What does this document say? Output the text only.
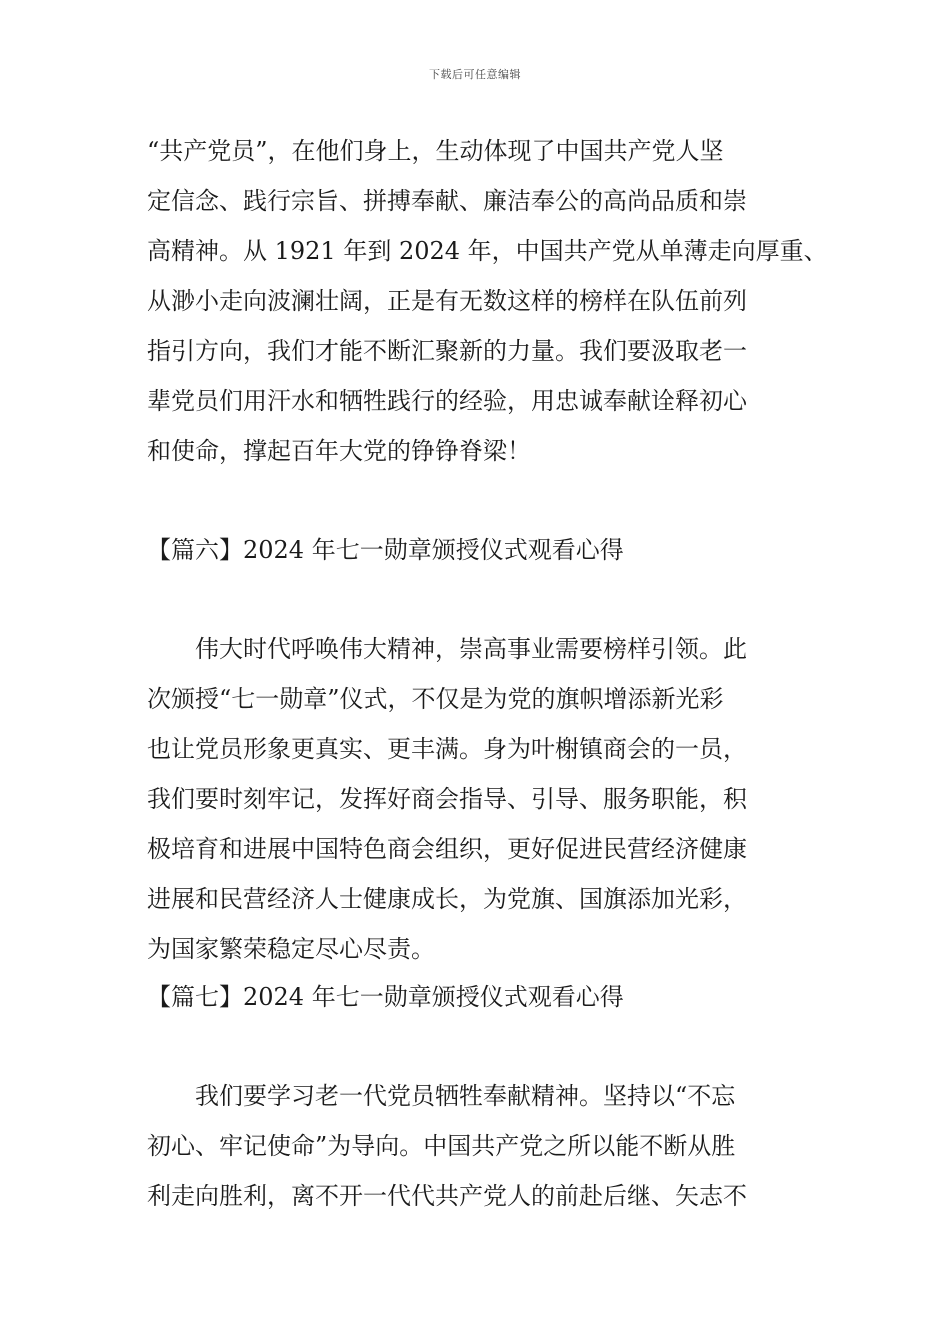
下载后可任意编辑
“共产党员”，在他们身上，生动体现了中国共产党人坚
定信念、践行宗旨、拼搏奉献、廉洁奉公的高尚品质和崇
高精神。从 1921 年到 2024 年，中国共产党从单薄走向厚重、
从渺小走向波澜壮阔，正是有无数这样的榜样在队伍前列
指引方向，我们才能不断汇聚新的力量。我们要汲取老一
辈党员们用汗水和牺牲践行的经验，用忠诚奉献诠释初心
和使命，撑起百年大党的铮铮脊梁！
【篇六】2024 年七一勋章颁授仪式观看心得
　　伟大时代呼唤伟大精神，崇高事业需要榜样引领。此
次颁授“七一勋章”仪式，不仅是为党的旗帜增添新光彩
也让党员形象更真实、更丰满。身为叶榭镇商会的一员，
我们要时刻牢记，发挥好商会指导、引导、服务职能，积
极培育和进展中国特色商会组织，更好促进民营经济健康
进展和民营经济人士健康成长，为党旗、国旗添加光彩，
为国家繁荣稳定尽心尽责。
【篇七】2024 年七一勋章颁授仪式观看心得
　　我们要学习老一代党员牺牲奉献精神。坚持以“不忘
初心、牢记使命”为导向。中国共产党之所以能不断从胜
利走向胜利，离不开一代代共产党人的前赴后继、矢志不
